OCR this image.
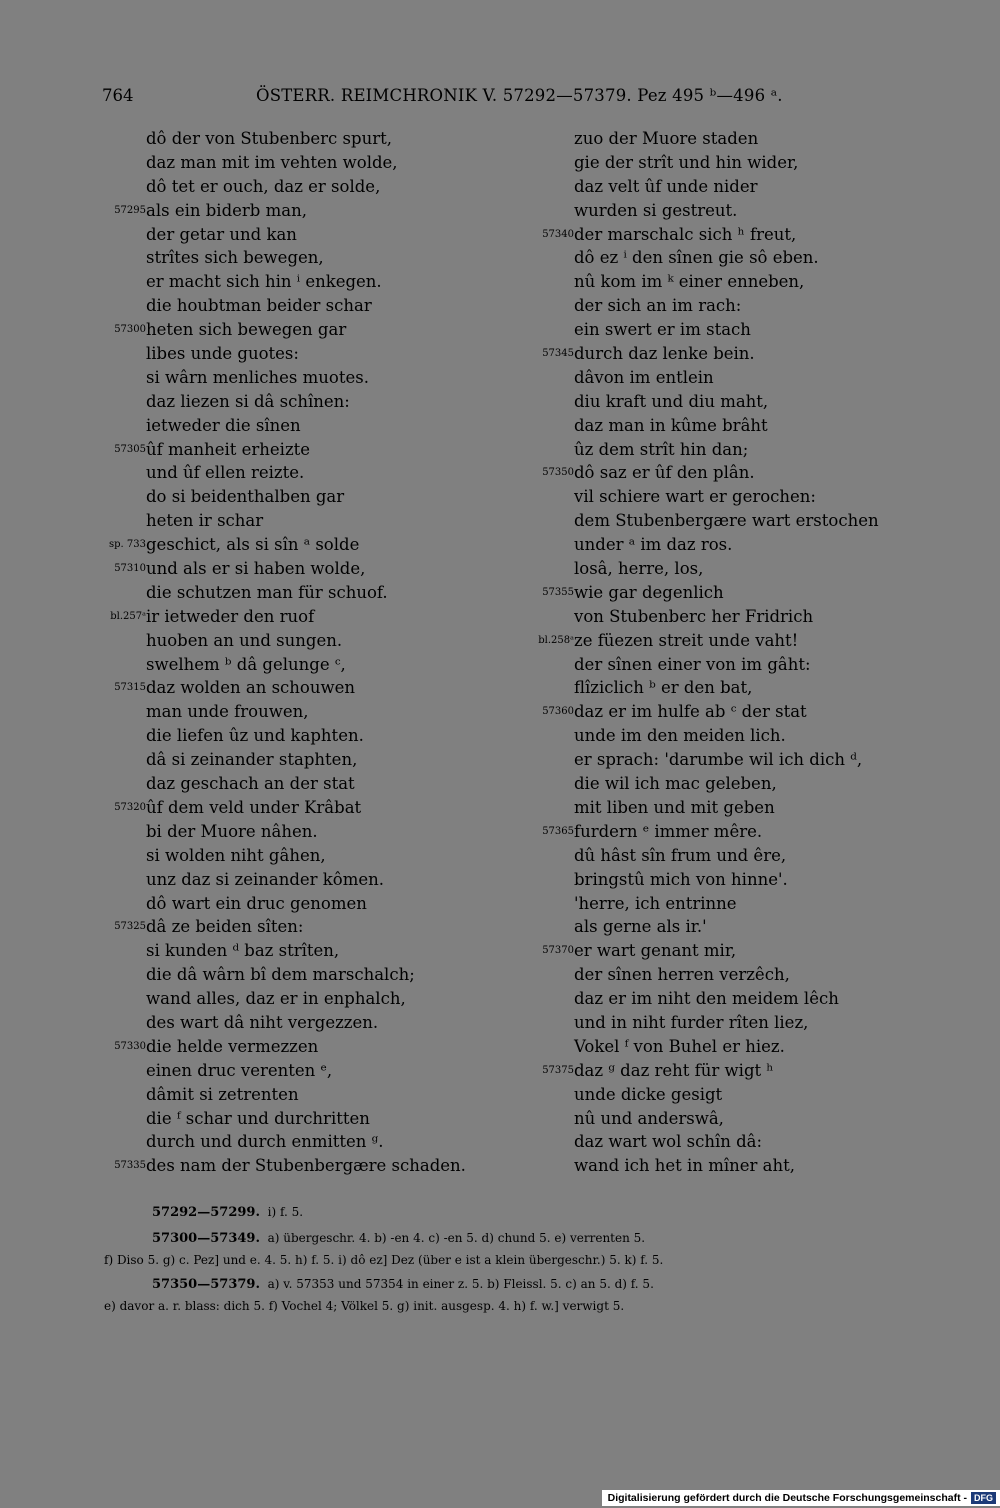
764	ÖSTERR. REIMCHRONIK V. 57292—57379. Pez 495 ᵇ—496 ᵃ.
dô der von Stubenberc spurt,
daz man mit im vehten wolde,
dô tet er ouch, daz er solde,
57295 als ein biderb man,
der getar und kan
strîtes sich bewegen,
er macht sich hin ⁱ enkegen.
die houbtman beider schar
57300 heten sich bewegen gar
libes unde guotes:
si wârn menliches muotes.
daz liezen si dâ schînen:
ietweder die sînen
57305 ûf manheit erheizte
und ûf ellen reizte.
do si beidenthalben gar
heten ir schar
sp. 733 geschict, als si sîn ᵃ solde
57310 und als er si haben wolde,
die schutzen man für schuof.
bl.257ᵃ ir ietweder den ruof
huoben an und sungen.
swelhem ᵇ dâ gelunge ᶜ,
57315 daz wolden an schouwen
man unde frouwen,
die liefen ûz und kaphten.
dâ si zeinander staphten,
daz geschach an der stat
57320 ûf dem veld under Krâbat
bi der Muore nâhen.
si wolden niht gâhen,
unz daz si zeinander kômen.
dô wart ein druc genomen
57325 dâ ze beiden sîten:
si kunden ᵈ baz strîten,
die dâ wârn bî dem marschalch;
wand alles, daz er in enphalch,
des wart dâ niht vergezzen.
57330 die helde vermezzen
einen druc verenten ᵉ,
dâmit si zetrenten
die ᶠ schar und durchritten
durch und durch enmitten ᵍ.
57335 des nam der Stubenbergære schaden.
zuo der Muore staden
gie der strît und hin wider,
daz velt ûf unde nider
wurden si gestreut.
57340 der marschalc sich ʰ freut,
dô ez ⁱ den sînen gie sô eben.
nû kom im ᵏ einer enneben,
der sich an im rach:
ein swert er im stach
57345 durch daz lenke bein.
dâvon im entlein
diu kraft und diu maht,
daz man in kûme brâht
ûz dem strît hin dan;
57350 dô saz er ûf den plân.
vil schiere wart er gerochen:
dem Stubenbergære wart erstochen
under ᵃ im daz ros.
losâ, herre, los,
57355 wie gar degenlich
von Stubenberc her Fridrich
bl.258ᵃ ze füezen streit unde vaht!
der sînen einer von im gâht:
flîziclich ᵇ er den bat,
57360 daz er im hulfe ab ᶜ der stat
unde im den meiden lich.
er sprach: 'darumbe wil ich dich ᵈ,
die wil ich mac geleben,
mit liben und mit geben
57365 furdern ᵉ immer mêre.
dû hâst sîn frum und êre,
bringstû mich von hinne'.
'herre, ich entrinne
als gerne als ir.'
57370 er wart genant mir,
der sînen herren verzêch,
daz er im niht den meidem lêch
und in niht furder rîten liez,
Vokel ᶠ von Buhel er hiez.
57375 daz ᵍ daz reht für wigt ʰ
unde dicke gesigt
nû und anderswâ,
daz wart wol schîn dâ:
wand ich het in mîner aht,
57292—57299. i) f. 5.
57300—57349. a) übergeschr. 4. b) -en 4. c) -en 5. d) chund 5. e) verrenten 5.
f) Diso 5. g) c. Pez] und e. 4. 5. h) f. 5. i) dô ez] Dez (über e ist a klein übergeschr.) 5. k) f. 5.
57350—57379. a) v. 57353 und 57354 in einer z. 5. b) Fleissl. 5. c) an 5. d) f. 5.
e) davor a. r. blass: dich 5. f) Vochel 4; Völkel 5. g) init. ausgesp. 4. h) f. w.] verwigt 5.
Digitalisierung gefördert durch die Deutsche Forschungsgemeinschaft - DFG
